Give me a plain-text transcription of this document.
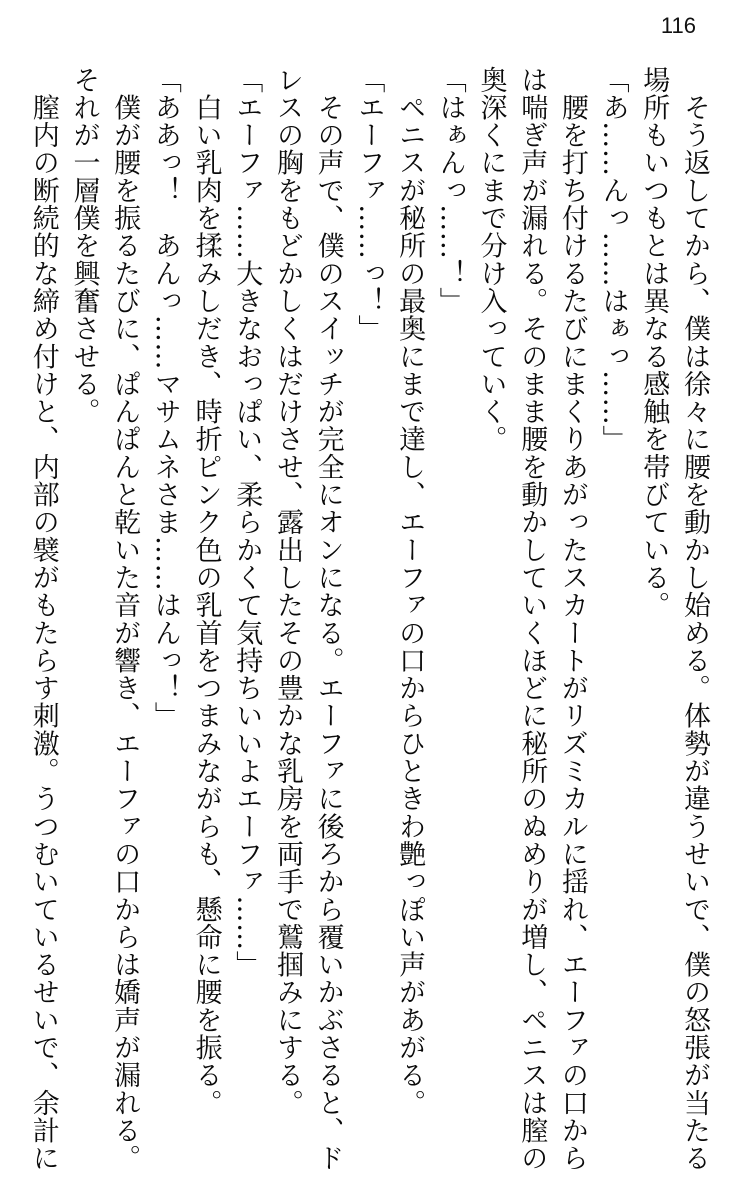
116
　そう返してから、僕は徐々に腰を動かし始める。体勢が違うせいで、僕の怒張が当たる
場所もいつもとは異なる感触を帯びている。
「あ……んっ……はぁっ……」
　腰を打ち付けるたびにまくりあがったスカートがリズミカルに揺れ、エーファの口から
は喘ぎ声が漏れる。そのまま腰を動かしていくほどに秘所のぬめりが増し、ペニスは膣の
奥深くにまで分け入っていく。
「はぁんっ……！」
　ペニスが秘所の最奥にまで達し、エーファの口からひときわ艶っぽい声があがる。
「エーファ……っ！」
　その声で、僕のスイッチが完全にオンになる。エーファに後ろから覆いかぶさると、ド
レスの胸をもどかしくはだけさせ、露出したその豊かな乳房を両手で鷲掴みにする。
「エーファ……大きなおっぱい、柔らかくて気持ちいいよエーファ……」
　白い乳肉を揉みしだき、時折ピンク色の乳首をつまみながらも、懸命に腰を振る。
「ああっ！　あんっ……マサムネさま……はんっ！」
　僕が腰を振るたびに、ぱんぱんと乾いた音が響き、エーファの口からは嬌声が漏れる。
それが一層僕を興奮させる。
　膣内の断続的な締め付けと、内部の襞がもたらす刺激。うつむいているせいで、余計に
